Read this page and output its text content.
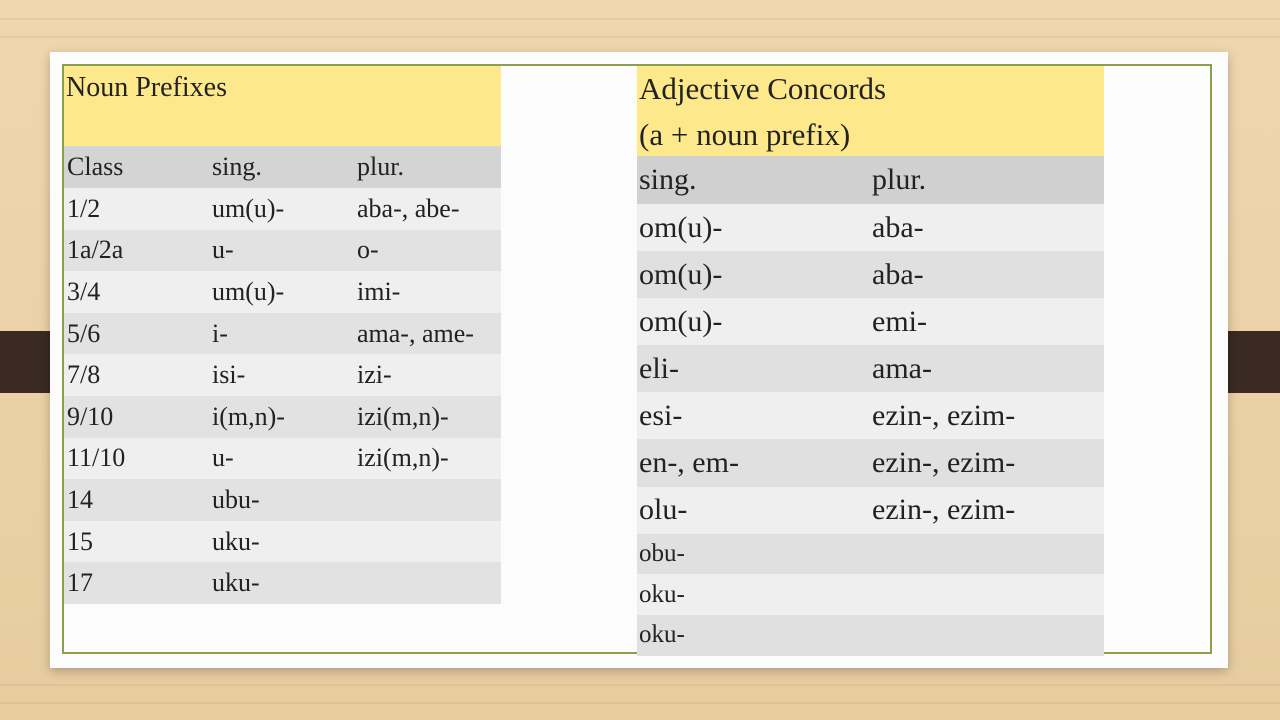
Noun Prefixes
Class	sing.	plur.
1/2	um(u)-	aba-, abe-
1a/2a	u-	o-
3/4	um(u)-	imi-
5/6	i-	ama-, ame-
7/8	isi-	izi-
9/10	i(m,n)-	izi(m,n)-
11/10	u-	izi(m,n)-
14	ubu-
15	uku-
17	uku-
Adjective Concords
(a + noun prefix)
sing.	plur.
om(u)-	aba-
om(u)-	aba-
om(u)-	emi-
eli-	ama-
esi-	ezin-, ezim-
en-, em-	ezin-, ezim-
olu-	ezin-, ezim-
obu-
oku-
oku-
